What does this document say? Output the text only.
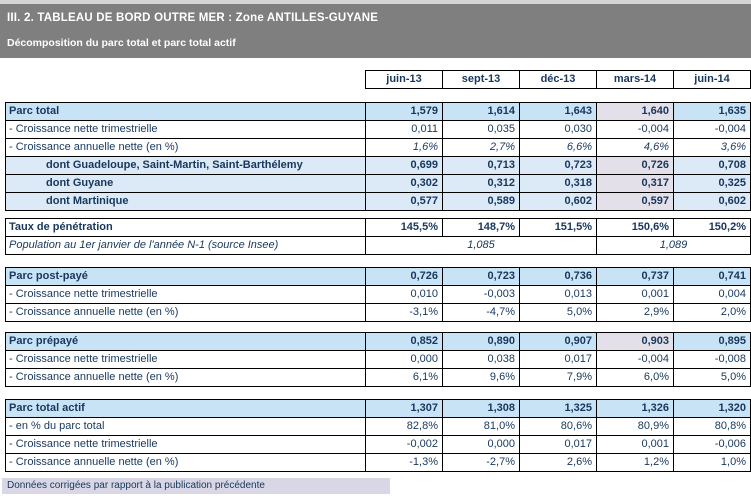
III. 2. TABLEAU DE BORD OUTRE MER : Zone ANTILLES-GUYANE
Décomposition du parc total et parc total actif
juin-13	sept-13	déc-13	mars-14	juin-14
Parc total	1,579	1,614	1,643	1,640	1,635
- Croissance nette trimestrielle	0,011	0,035	0,030	-0,004	-0,004
- Croissance annuelle nette (en %)	1,6%	2,7%	6,6%	4,6%	3,6%
dont Guadeloupe, Saint-Martin, Saint-Barthélemy	0,699	0,713	0,723	0,726	0,708
dont Guyane	0,302	0,312	0,318	0,317	0,325
dont Martinique	0,577	0,589	0,602	0,597	0,602
Taux de pénétration	145,5%	148,7%	151,5%	150,6%	150,2%
Population au 1er janvier de l'année N-1 (source Insee)	1,085			1,089	
Parc post-payé	0,726	0,723	0,736	0,737	0,741
- Croissance nette trimestrielle	0,010	-0,003	0,013	0,001	0,004
- Croissance annuelle nette (en %)	-3,1%	-4,7%	5,0%	2,9%	2,0%
Parc prépayé	0,852	0,890	0,907	0,903	0,895
- Croissance nette trimestrielle	0,000	0,038	0,017	-0,004	-0,008
- Croissance annuelle nette (en %)	6,1%	9,6%	7,9%	6,0%	5,0%
Parc total actif	1,307	1,308	1,325	1,326	1,320
- en % du parc total	82,8%	81,0%	80,6%	80,9%	80,8%
- Croissance nette trimestrielle	-0,002	0,000	0,017	0,001	-0,006
- Croissance annuelle nette (en %)	-1,3%	-2,7%	2,6%	1,2%	1,0%
Données corrigées par rapport à la publication précédente
